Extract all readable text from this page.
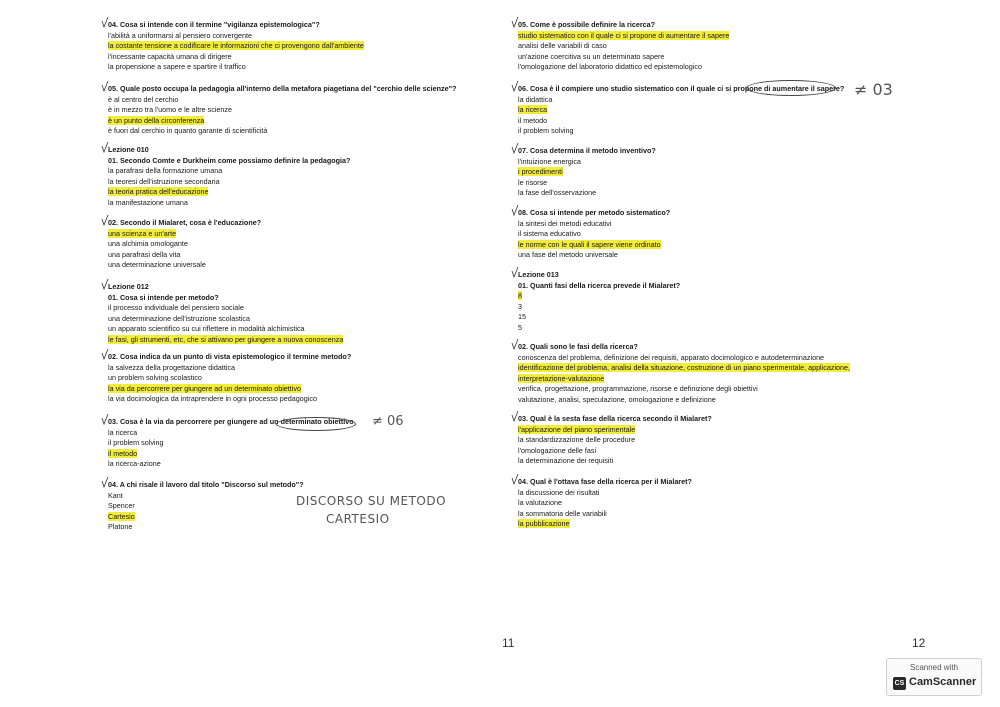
04. Cosa si intende con il termine "vigilanza epistemologica"?
l'abilità a uniformarsi al pensiero convergente
la costante tensione a codificare le informazioni che ci provengono dall'ambiente
l'incessante capacità umana di dirigere
la propensione a sapere e spartire il traffico
05. Quale posto occupa la pedagogia all'interno della metafora piagetiana del "cerchio delle scienze"?
è al centro del cerchio
è in mezzo tra l'uomo e le altre scienze
è un punto della circonferenza
è fuori dal cerchio in quanto garante di scientificità
Lezione 010
01. Secondo Comte e Durkheim come possiamo definire la pedagogia?
la parafrasi della formazione umana
la teoresi dell'istruzione secondaria
la teoria pratica dell'educazione
la manifestazione umana
02. Secondo il Mialaret, cosa è l'educazione?
una scienza e un'arte
una alchimia omologante
una parafrasi della vita
una determinazione universale
Lezione 012
01. Cosa si intende per metodo?
il processo individuale del pensiero sociale
una determinazione dell'istruzione scolastica
un apparato scientifico su cui riflettere in modalità alchimistica
le fasi, gli strumenti, etc, che si attivano per giungere a nuova conoscenza
02. Cosa indica da un punto di vista epistemologico il termine metodo?
la salvezza della progettazione didattica
un problem solving scolastico
la via da percorrere per giungere ad un determinato obiettivo
la via docimologica da intraprendere in ogni processo pedagogico
03. Cosa è la via da percorrere per giungere ad un determinato obiettivo
la ricerca
il problem solving
il metodo
la ricerca-azione
04. A chi risale il lavoro dal titolo "Discorso sul metodo"?
Kant
Spencer
Cartesio
Platone
05. Come è possibile definire la ricerca?
studio sistematico con il quale ci si propone di aumentare il sapere
analisi delle variabili di caso
un'azione coercitiva su un determinato sapere
l'omologazione del laboratorio didattico ed epistemologico
06. Cosa è il compiere uno studio sistematico con il quale ci si propone di aumentare il sapere?
la didattica
la ricerca
il metodo
il problem solving
07. Cosa determina il metodo inventivo?
l'intuizione energica
i procedimenti
le risorse
la fase dell'osservazione
08. Cosa si intende per metodo sistematico?
la sintesi dei metodi educativi
il sistema educativo
le norme con le quali il sapere viene ordinato
una fase del metodo universale
Lezione 013
01. Quanti fasi della ricerca prevede il Mialaret?
8
3
15
5
02. Quali sono le fasi della ricerca?
conoscenza del problema, definizione dei requisiti, apparato docimologico e autodeterminazione
identificazione del problema, analisi della situazione, costruzione di un piano sperimentale, applicazione,
interpretazione-valutazione
verifica, progettazione, programmazione, risorse e definizione degli obiettivi
valutazione, analisi, speculazione, omologazione e definizione
03. Qual è la sesta fase della ricerca secondo il Mialaret?
l'applicazione del piano sperimentale
la standardizzazione delle procedure
l'omologazione delle fasi
la determinazione dei requisiti
04. Qual è l'ottava fase della ricerca per il Mialaret?
la discussione dei risultati
la valutazione
la sommatoria delle variabili
la pubblicazione
≠ 06
≠ 03
DISCORSO SU METODO
CARTESIO
11	12
Scanned with
CS CamScanner
